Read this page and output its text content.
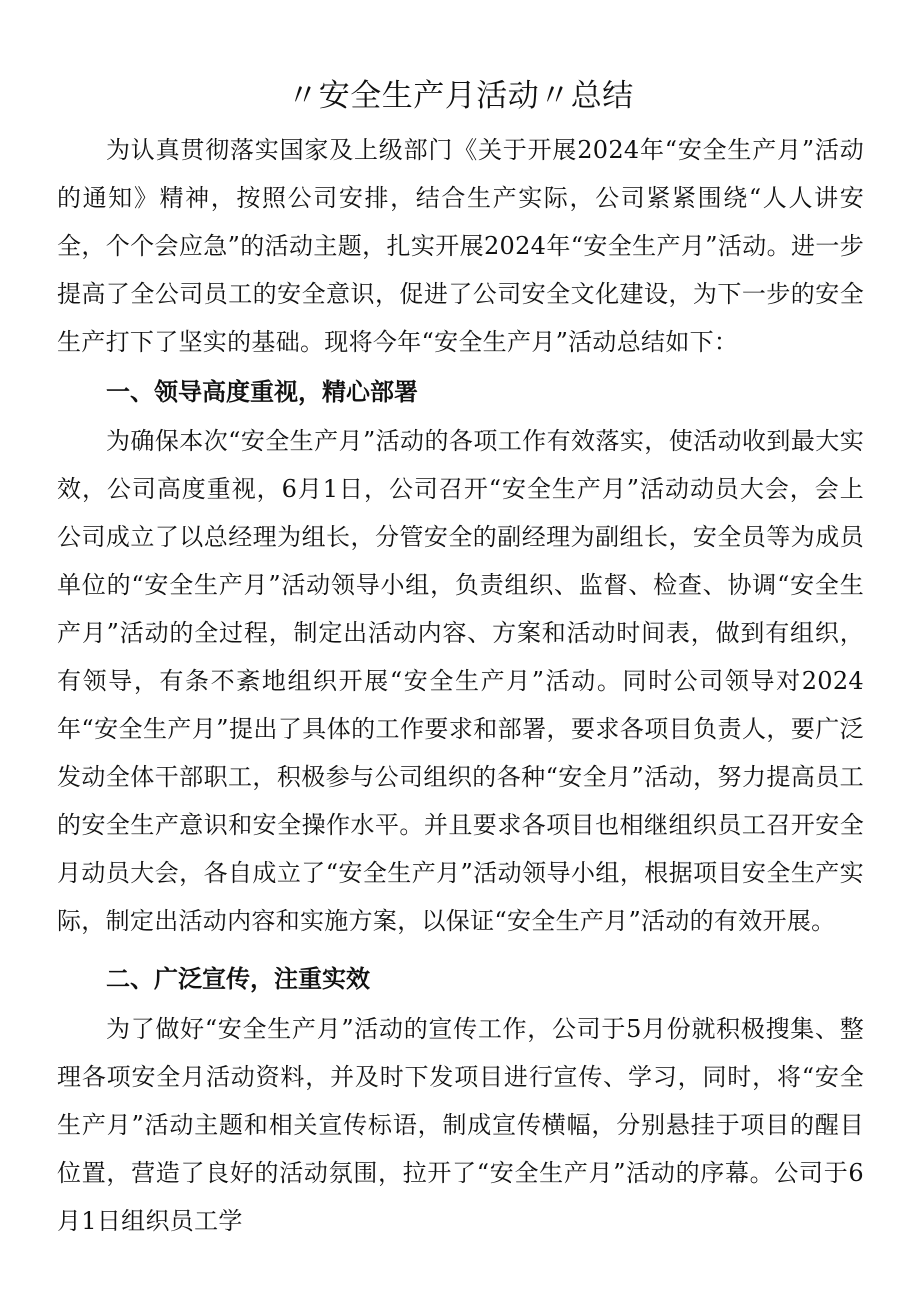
〃安全生产月活动〃总结

为认真贯彻落实国家及上级部门《关于开展2024年“安全生产月”活动的通知》精神，按照公司安排，结合生产实际，公司紧紧围绕“人人讲安全，个个会应急”的活动主题，扎实开展2024年“安全生产月”活动。进一步提高了全公司员工的安全意识，促进了公司安全文化建设，为下一步的安全生产打下了坚实的基础。现将今年“安全生产月”活动总结如下：

一、领导高度重视，精心部署

为确保本次“安全生产月”活动的各项工作有效落实，使活动收到最大实效，公司高度重视，6月1日，公司召开“安全生产月”活动动员大会，会上公司成立了以总经理为组长，分管安全的副经理为副组长，安全员等为成员单位的“安全生产月”活动领导小组，负责组织、监督、检查、协调“安全生产月”活动的全过程，制定出活动内容、方案和活动时间表，做到有组织，有领导，有条不紊地组织开展“安全生产月”活动。同时公司领导对2024年“安全生产月”提出了具体的工作要求和部署，要求各项目负责人，要广泛发动全体干部职工，积极参与公司组织的各种“安全月”活动，努力提高员工的安全生产意识和安全操作水平。并且要求各项目也相继组织员工召开安全月动员大会，各自成立了“安全生产月”活动领导小组，根据项目安全生产实际，制定出活动内容和实施方案，以保证“安全生产月”活动的有效开展。

二、广泛宣传，注重实效

为了做好“安全生产月”活动的宣传工作，公司于5月份就积极搜集、整理各项安全月活动资料，并及时下发项目进行宣传、学习，同时，将“安全生产月”活动主题和相关宣传标语，制成宣传横幅，分别悬挂于项目的醒目位置，营造了良好的活动氛围，拉开了“安全生产月”活动的序幕。公司于6月1日组织员工学
